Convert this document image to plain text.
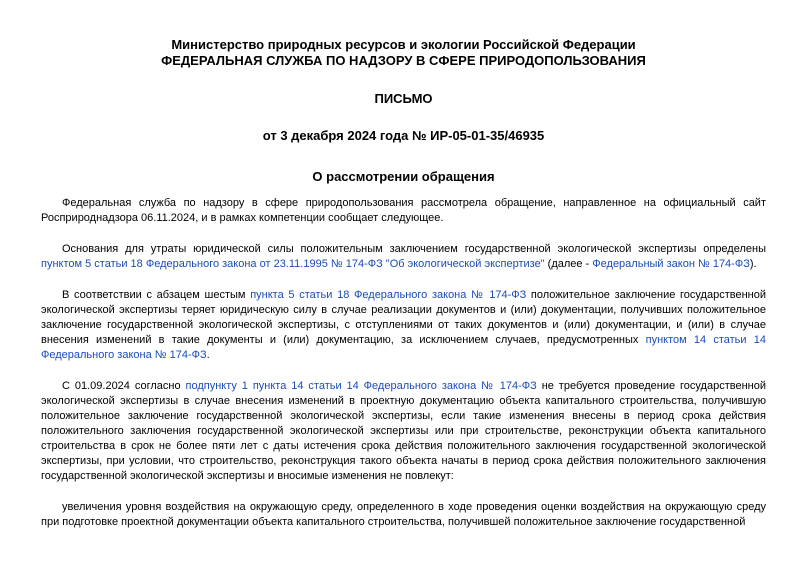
Министерство природных ресурсов и экологии Российской Федерации

ФЕДЕРАЛЬНАЯ СЛУЖБА ПО НАДЗОРУ В СФЕРЕ ПРИРОДОПОЛЬЗОВАНИЯ

ПИСЬМО

от 3 декабря 2024 года № ИР-05-01-35/46935

О рассмотрении обращения

Федеральная служба по надзору в сфере природопользования рассмотрела обращение, направленное на официальный сайт Росприроднадзора 06.11.2024, и в рамках компетенции сообщает следующее.

Основания для утраты юридической силы положительным заключением государственной экологической экспертизы определены пунктом 5 статьи 18 Федерального закона от 23.11.1995 № 174-ФЗ "Об экологической экспертизе" (далее - Федеральный закон № 174-ФЗ).

В соответствии с абзацем шестым пункта 5 статьи 18 Федерального закона № 174-ФЗ положительное заключение государственной экологической экспертизы теряет юридическую силу в случае реализации документов и (или) документации, получивших положительное заключение государственной экологической экспертизы, с отступлениями от таких документов и (или) документации, и (или) в случае внесения изменений в такие документы и (или) документацию, за исключением случаев, предусмотренных пунктом 14 статьи 14 Федерального закона № 174-ФЗ.

С 01.09.2024 согласно подпункту 1 пункта 14 статьи 14 Федерального закона № 174-ФЗ не требуется проведение государственной экологической экспертизы в случае внесения изменений в проектную документацию объекта капитального строительства, получившую положительное заключение государственной экологической экспертизы, если такие изменения внесены в период срока действия положительного заключения государственной экологической экспертизы или при строительстве, реконструкции объекта капитального строительства в срок не более пяти лет с даты истечения срока действия положительного заключения государственной экологической экспертизы, при условии, что строительство, реконструкция такого объекта начаты в период срока действия положительного заключения государственной экологической экспертизы и вносимые изменения не повлекут:

увеличения уровня воздействия на окружающую среду, определенного в ходе проведения оценки воздействия на окружающую среду при подготовке проектной документации объекта капитального строительства, получившей положительное заключение государственной
